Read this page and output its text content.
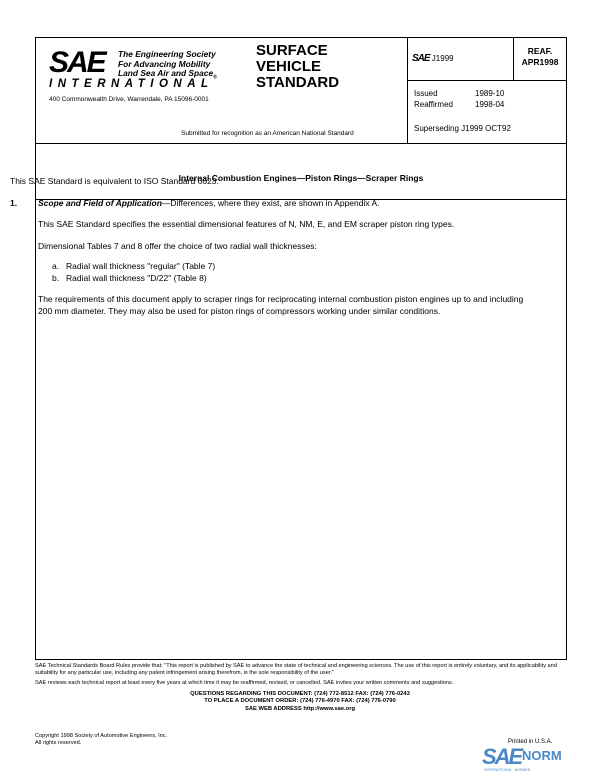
SAE The Engineering Society
For Advancing Mobility
Land Sea Air and Space$_®$
INTERNATIONAL
400 Commonwealth Drive, Warrendale, PA 15096-0001
Submitted for recognition as an American National Standard
SURFACE
VEHICLE
STANDARD
SAE J1999
REAF.
APR1998
Issued	1989-10
Reaffirmed	1998-04
Superseding J1999 OCT92
Internal Combustion Engines—Piston Rings—Scraper Rings

This SAE Standard is equivalent to ISO Standard 6623.

1. Scope and Field of Application—Differences, where they exist, are shown in Appendix A.

This SAE Standard specifies the essential dimensional features of N, NM, E, and EM scraper piston ring types.

Dimensional Tables 7 and 8 offer the choice of two radial wall thicknesses:

a. Radial wall thickness "regular" (Table 7)

b. Radial wall thickness "D/22" (Table 8)

The requirements of this document apply to scraper rings for reciprocating internal combustion piston engines up to and including 200 mm diameter. They may also be used for piston rings of compressors working under similar conditions.

SAE Technical Standards Board Rules provide that: "This report is published by SAE to advance the state of technical and engineering sciences. The use of this report is entirely voluntary, and its applicability and suitability for any particular use, including any patent infringement arising therefrom, is the sole responsibility of the user."

SAE reviews each technical report at least every five years at which time it may be reaffirmed, revised, or cancelled. SAE invites your written comments and suggestions.

QUESTIONS REGARDING THIS DOCUMENT: (724) 772-8512 FAX: (724) 776-0243
TO PLACE A DOCUMENT ORDER: (724) 776-4970 FAX: (724) 776-0790
SAE WEB ADDRESS http://www.sae.org
Copyright 1998 Society of Automotive Engineers, Inc.
All rights reserved.	Printed in U.S.A.
SAE NORM
INTERNATIONAL · NORMEN
